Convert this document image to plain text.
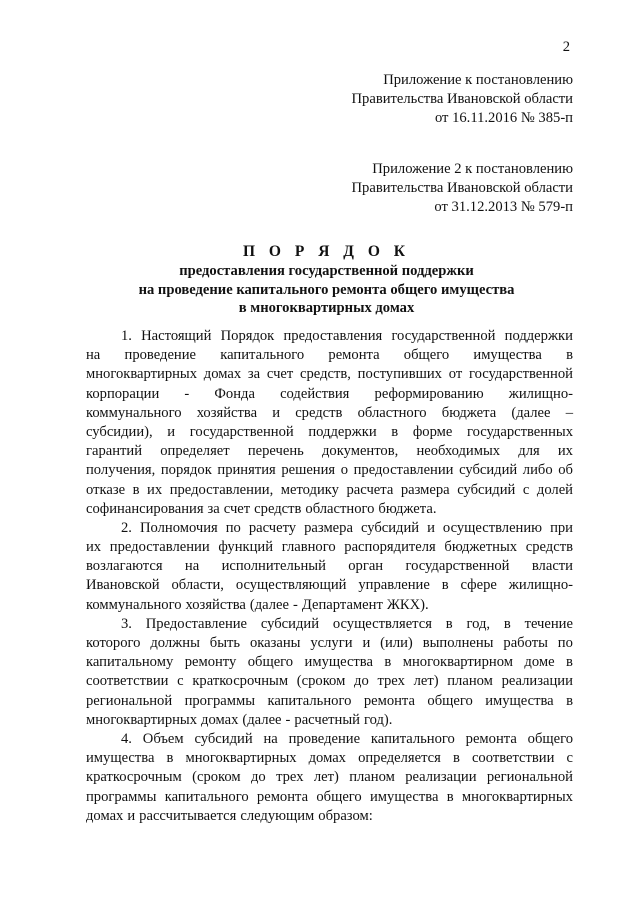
2
Приложение к постановлению
Правительства Ивановской области
от 16.11.2016 № 385-п
Приложение 2 к постановлению
Правительства Ивановской области
от 31.12.2013 № 579-п
П О Р Я Д О К
предоставления государственной поддержки
на проведение капитального ремонта общего имущества
в многоквартирных домах
1. Настоящий Порядок предоставления государственной поддержки
на проведение капитального ремонта общего имущества в
многоквартирных домах за счет средств, поступивших от государственной
корпорации - Фонда содействия реформированию жилищно-
коммунального хозяйства и средств областного бюджета (далее –
субсидии), и государственной поддержки в форме государственных
гарантий определяет перечень документов, необходимых для их
получения, порядок принятия решения о предоставлении субсидий либо об
отказе в их предоставлении, методику расчета размера субсидий с долей
софинансирования за счет средств областного бюджета.
2. Полномочия по расчету размера субсидий и осуществлению при
их предоставлении функций главного распорядителя бюджетных средств
возлагаются на исполнительный орган государственной власти
Ивановской области, осуществляющий управление в сфере жилищно-
коммунального хозяйства (далее - Департамент ЖКХ).
3. Предоставление субсидий осуществляется в год, в течение
которого должны быть оказаны услуги и (или) выполнены работы по
капитальному ремонту общего имущества в многоквартирном доме в
соответствии с краткосрочным (сроком до трех лет) планом реализации
региональной программы капитального ремонта общего имущества в
многоквартирных домах (далее - расчетный год).
4. Объем субсидий на проведение капитального ремонта общего
имущества в многоквартирных домах определяется в соответствии с
краткосрочным (сроком до трех лет) планом реализации региональной
программы капитального ремонта общего имущества в многоквартирных
домах и рассчитывается следующим образом:
